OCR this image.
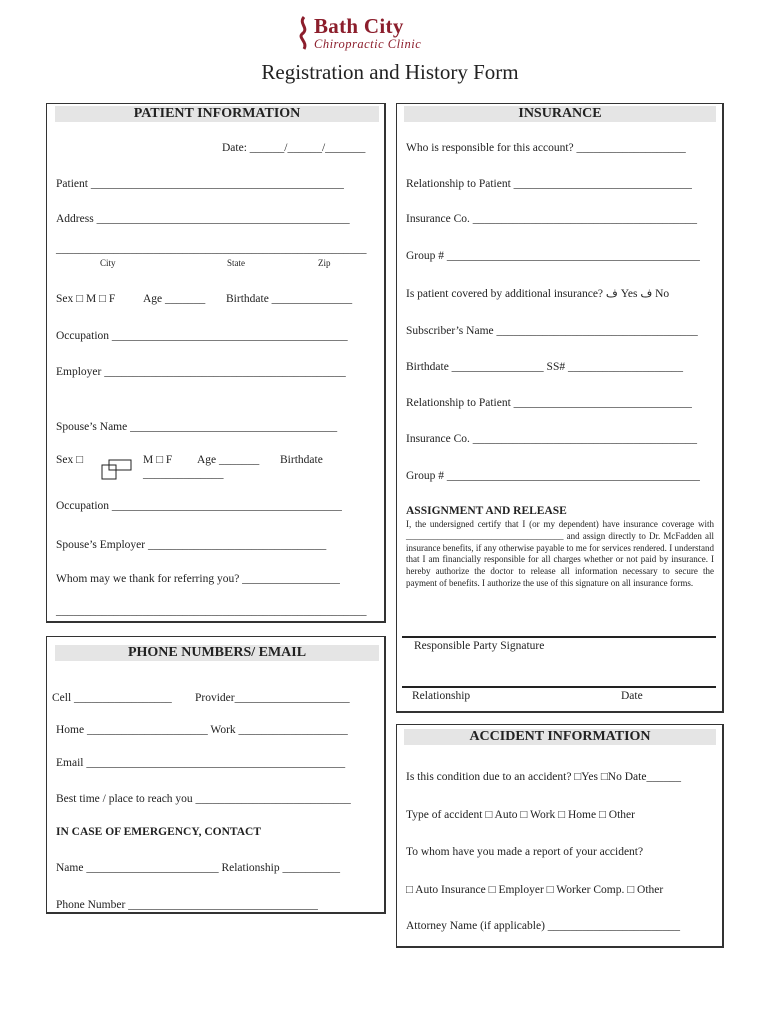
Bath City
Chiropractic Clinic
Registration and History Form
PATIENT INFORMATION
Date: ______/______/_______
Patient ____________________________________________
Address ____________________________________________
______________________________________________________
City	State	Zip
Sex □ M □ F Age _______ Birthdate ______________
Occupation _________________________________________
Employer __________________________________________
Spouse’s Name ____________________________________
Sex □	M □ F Age _______ Birthdate
______________
Occupation ________________________________________
Spouse’s Employer _______________________________
Whom may we thank for referring you? _________________
______________________________________________________
INSURANCE
Who is responsible for this account? ___________________
Relationship to Patient _______________________________
Insurance Co. _______________________________________
Group # ____________________________________________
Is patient covered by additional insurance? ف Yes ف No
Subscriber’s Name ___________________________________
Birthdate ________________ SS# ____________________
Relationship to Patient _______________________________
Insurance Co. _______________________________________
Group # ____________________________________________
ASSIGNMENT AND RELEASE
I, the undersigned certify that I (or my dependent) have insurance coverage with ___________________________________ and assign directly to Dr. McFadden all insurance benefits, if any otherwise payable to me for services rendered. I understand that I am financially responsible for all charges whether or not paid by insurance. I hereby authorize the doctor to release all information necessary to secure the payment of benefits. I authorize the use of this signature on all insurance forms.
Responsible Party Signature
Relationship	Date
PHONE NUMBERS/ EMAIL
Cell _________________ Provider____________________
Home _____________________ Work ___________________
Email _____________________________________________
Best time / place to reach you ___________________________
IN CASE OF EMERGENCY, CONTACT
Name _______________________ Relationship __________
Phone Number _________________________________
ACCIDENT INFORMATION
Is this condition due to an accident? □Yes □No Date______
Type of accident □ Auto □ Work □ Home □ Other
To whom have you made a report of your accident?
□ Auto Insurance □ Employer □ Worker Comp. □ Other
Attorney Name (if applicable) _______________________
